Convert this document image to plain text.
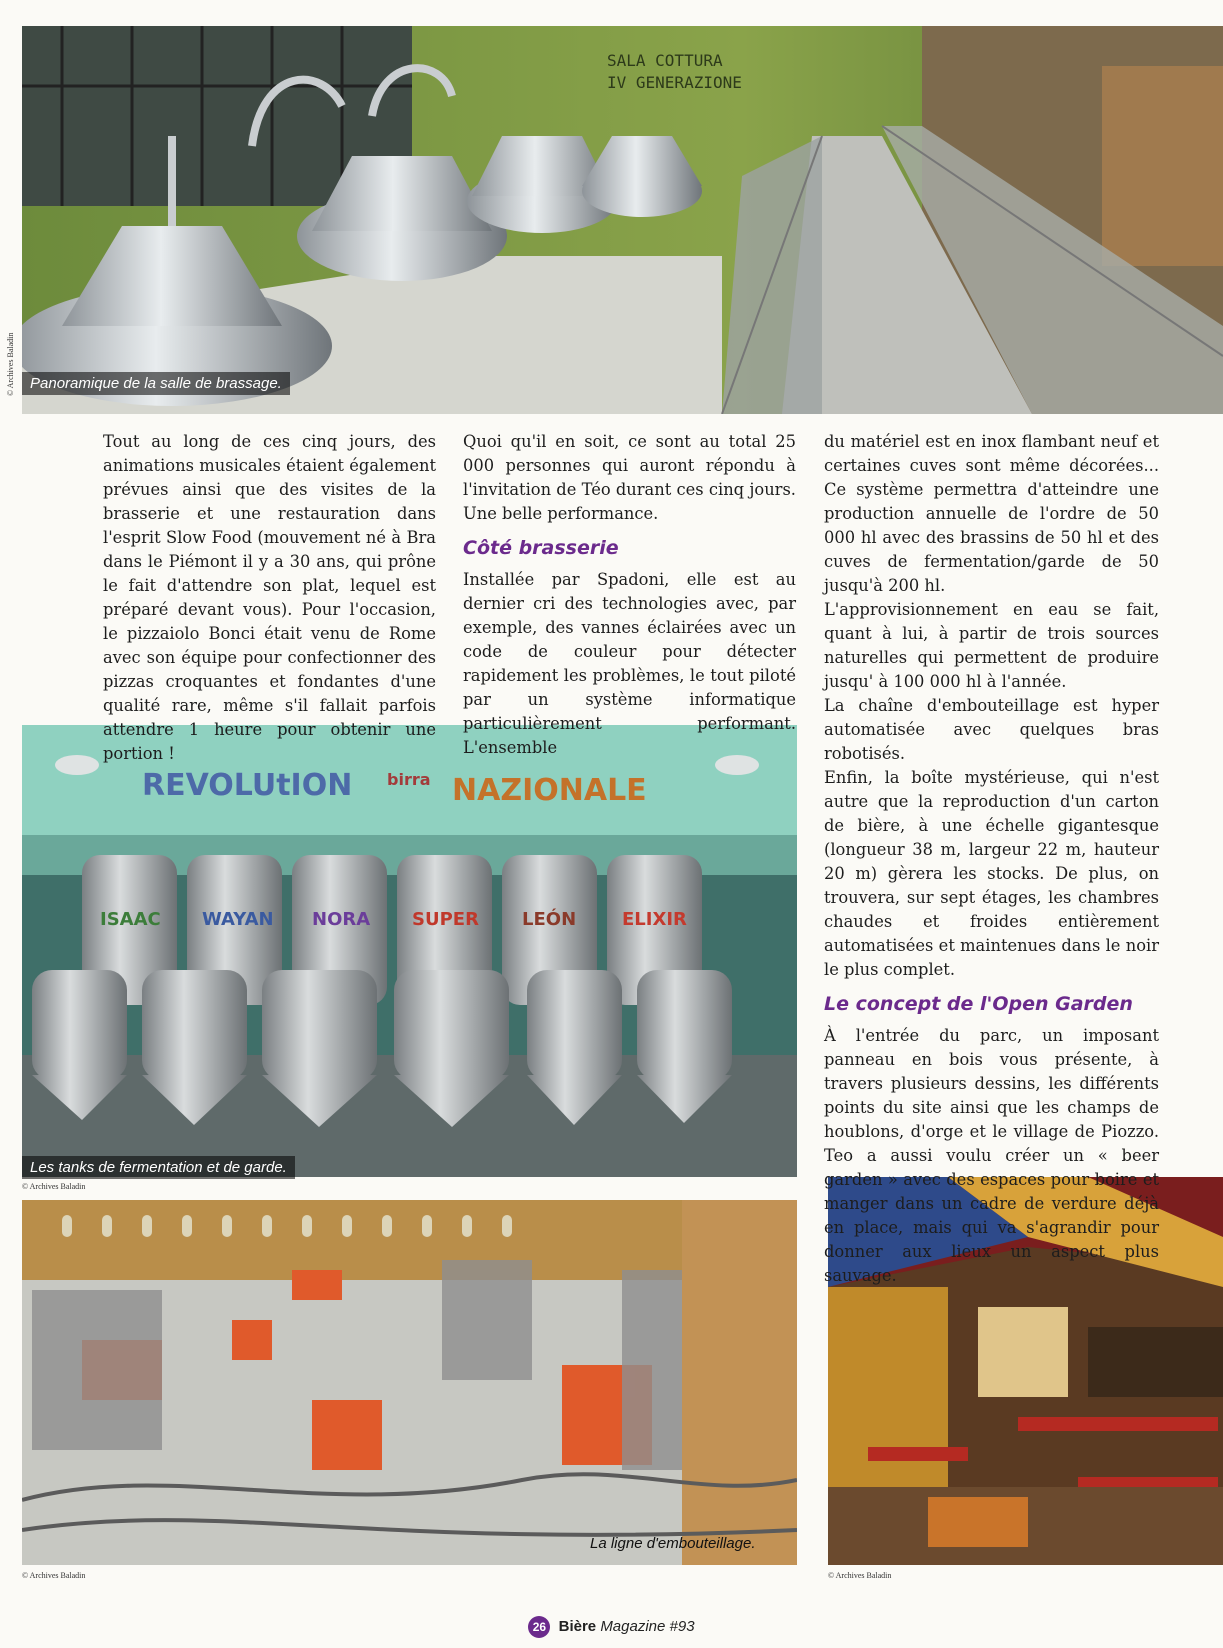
SALA COTTURA IV GENERAZIONE
Panoramique de la salle de brassage.
© Archives Baladin
REVOLUtION birra NAZIONALE
ISAAC WAYAN NORA SUPER LEÓN	ELIXIR
Les tanks de fermentation et de garde.
© Archives Baladin
La ligne d'embouteillage.
© Archives Baladin	© Archives Baladin

Tout au long de ces cinq jours, des animations musicales étaient également prévues ainsi que des visites de la brasserie et une restauration dans l'esprit Slow Food (mouvement né à Bra dans le Piémont il y a 30 ans, qui prône le fait d'attendre son plat, lequel est préparé devant vous). Pour l'occasion, le pizzaiolo Bonci était venu de Rome avec son équipe pour confectionner des pizzas croquantes et fondantes d'une qualité rare, même s'il fallait parfois attendre 1 heure pour obtenir une portion !

Quoi qu'il en soit, ce sont au total 25 000 personnes qui auront répondu à l'invitation de Téo durant ces cinq jours. Une belle performance.

Côté brasserie

Installée par Spadoni, elle est au dernier cri des technologies avec, par exemple, des vannes éclairées avec un code de couleur pour détecter rapidement les problèmes, le tout piloté par un système informatique particulièrement performant. L'ensemble

du matériel est en inox flambant neuf et certaines cuves sont même décorées... Ce système permettra d'atteindre une production annuelle de l'ordre de 50 000 hl avec des brassins de 50 hl et des cuves de fermentation/garde de 50 jusqu'à 200 hl.

L'approvisionnement en eau se fait, quant à lui, à partir de trois sources naturelles qui permettent de produire jusqu' à 100 000 hl à l'année.

La chaîne d'embouteillage est hyper automatisée avec quelques bras robotisés.

Enfin, la boîte mystérieuse, qui n'est autre que la reproduction d'un carton de bière, à une échelle gigantesque (longueur 38 m, largeur 22 m, hauteur 20 m) gèrera les stocks. De plus, on trouvera, sur sept étages, les chambres chaudes et froides entièrement automatisées et maintenues dans le noir le plus complet.

Le concept de l'Open Garden

À l'entrée du parc, un imposant panneau en bois vous présente, à travers plusieurs dessins, les différents points du site ainsi que les champs de houblons, d'orge et le village de Piozzo. Teo a aussi voulu créer un « beer garden » avec des espaces pour boire et manger dans un cadre de verdure déjà en place, mais qui va s'agrandir pour donner aux lieux un aspect plus sauvage.

26 Bière Magazine #93
